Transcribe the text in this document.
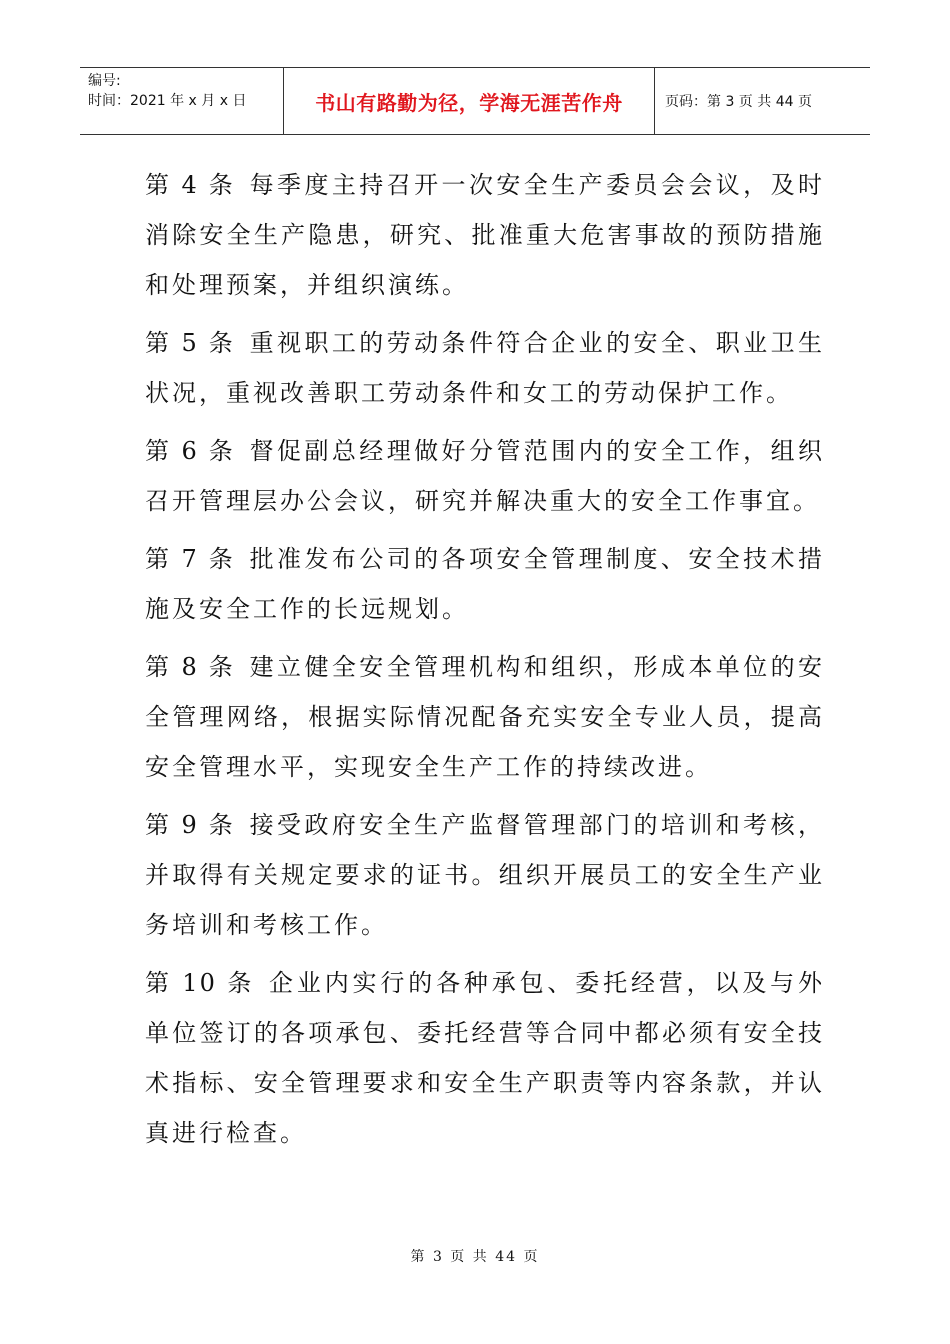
编号:
时间：2021 年 x 月 x 日	书山有路勤为径，学海无涯苦作舟	页码：第 3 页 共 44 页

第 4 条 每季度主持召开一次安全生产委员会会议，及时消除安全生产隐患，研究、批准重大危害事故的预防措施和处理预案，并组织演练。

第 5 条 重视职工的劳动条件符合企业的安全、职业卫生状况，重视改善职工劳动条件和女工的劳动保护工作。

第 6 条 督促副总经理做好分管范围内的安全工作，组织召开管理层办公会议，研究并解决重大的安全工作事宜。

第 7 条 批准发布公司的各项安全管理制度、安全技术措施及安全工作的长远规划。

第 8 条 建立健全安全管理机构和组织，形成本单位的安全管理网络，根据实际情况配备充实安全专业人员，提高安全管理水平，实现安全生产工作的持续改进。

第 9 条 接受政府安全生产监督管理部门的培训和考核，并取得有关规定要求的证书。组织开展员工的安全生产业务培训和考核工作。

第 10 条 企业内实行的各种承包、委托经营，以及与外单位签订的各项承包、委托经营等合同中都必须有安全技术指标、安全管理要求和安全生产职责等内容条款，并认真进行检查。

第 3 页 共 44 页
